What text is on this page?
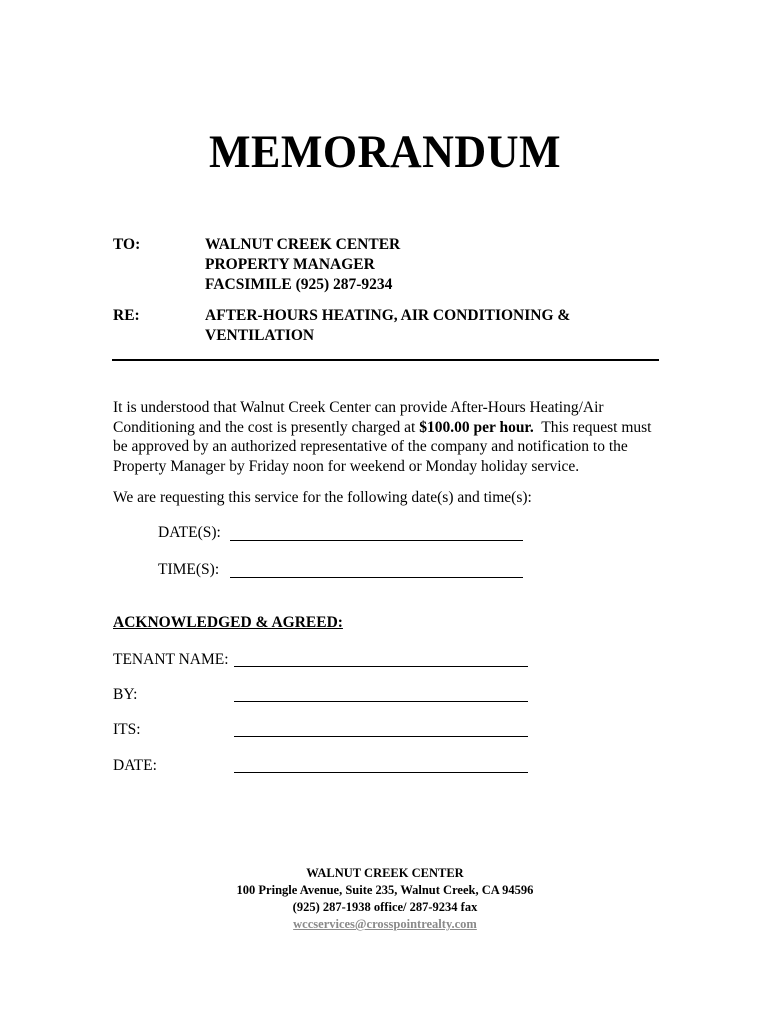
MEMORANDUM
TO:	WALNUT CREEK CENTER
PROPERTY MANAGER
FACSIMILE (925) 287-9234
RE:	AFTER-HOURS HEATING, AIR CONDITIONING &
VENTILATION
It is understood that Walnut Creek Center can provide After-Hours Heating/Air Conditioning and the cost is presently charged at $100.00 per hour.  This request must be approved by an authorized representative of the company and notification to the Property Manager by Friday noon for weekend or Monday holiday service.
We are requesting this service for the following date(s) and time(s):
DATE(S):
TIME(S):
ACKNOWLEDGED & AGREED:
TENANT NAME:
BY:
ITS:
DATE:
WALNUT CREEK CENTER
100 Pringle Avenue, Suite 235, Walnut Creek, CA 94596
(925) 287-1938 office/ 287-9234 fax
wccservices@crosspointrealty.com
